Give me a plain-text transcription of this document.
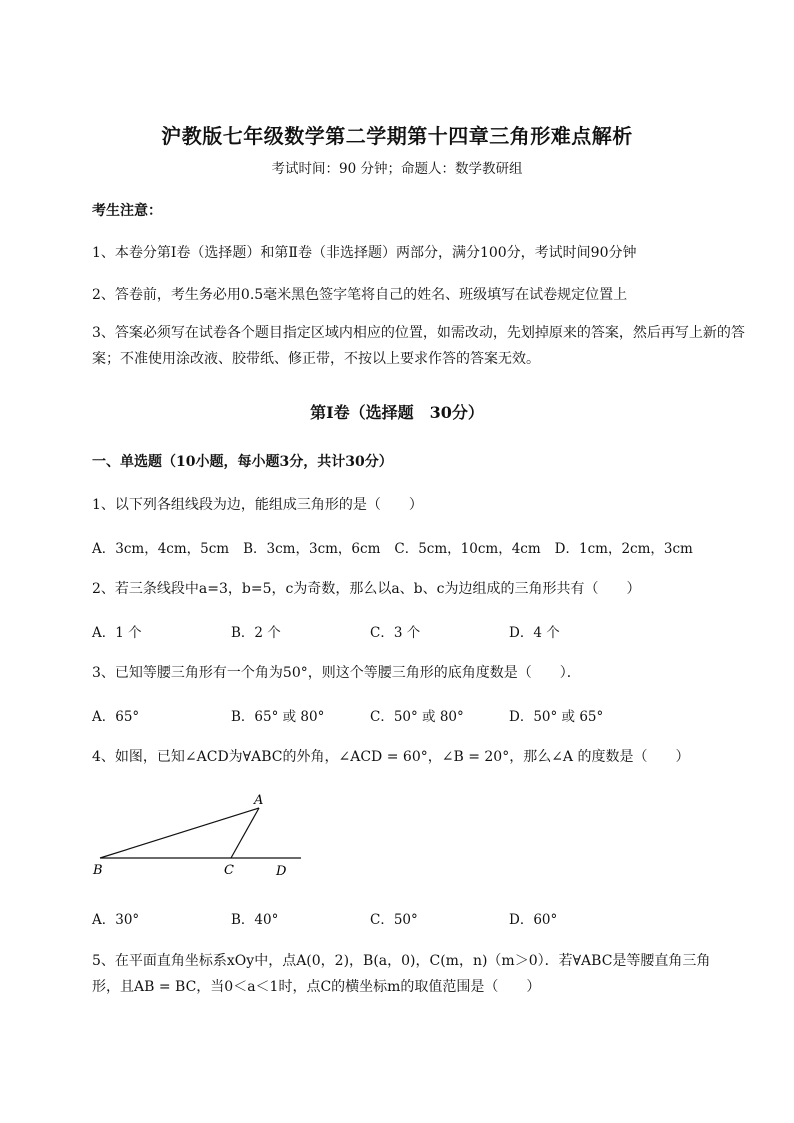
沪教版七年级数学第二学期第十四章三角形难点解析
考试时间：90 分钟；命题人：数学教研组
考生注意：
1、本卷分第Ⅰ卷（选择题）和第Ⅱ卷（非选择题）两部分，满分100分，考试时间90分钟
2、答卷前，考生务必用0.5毫米黑色签字笔将自己的姓名、班级填写在试卷规定位置上
3、答案必须写在试卷各个题目指定区域内相应的位置，如需改动，先划掉原来的答案，然后再写上新的答案；不准使用涂改液、胶带纸、修正带，不按以上要求作答的答案无效。
第Ⅰ卷（选择题　30分）
一、单选题（10小题，每小题3分，共计30分）
1、以下列各组线段为边，能组成三角形的是（　　）
A．3cm，4cm，5cm B．3cm，3cm，6cm C．5cm，10cm，4cm D．1cm，2cm，3cm
2、若三条线段中a=3，b=5，c为奇数，那么以a、b、c为边组成的三角形共有（　　）
A．1 个	B．2 个	C．3 个	D．4 个
3、已知等腰三角形有一个角为50°，则这个等腰三角形的底角度数是（　　）．
A．65°	B．65° 或 80°	C．50° 或 80°	D．50° 或 65°
4、如图，已知∠ACD为∀ABC的外角，∠ACD = 60°，∠B = 20°，那么∠A 的度数是（　　）
A
B	C	D
A．30°	B．40°	C．50°	D．60°
5、在平面直角坐标系xOy中，点A(0，2)，B(a，0)，C(m，n)（m＞0）．若∀ABC是等腰直角三角
形，且AB = BC，当0＜a＜1时，点C的横坐标m的取值范围是（　　）
